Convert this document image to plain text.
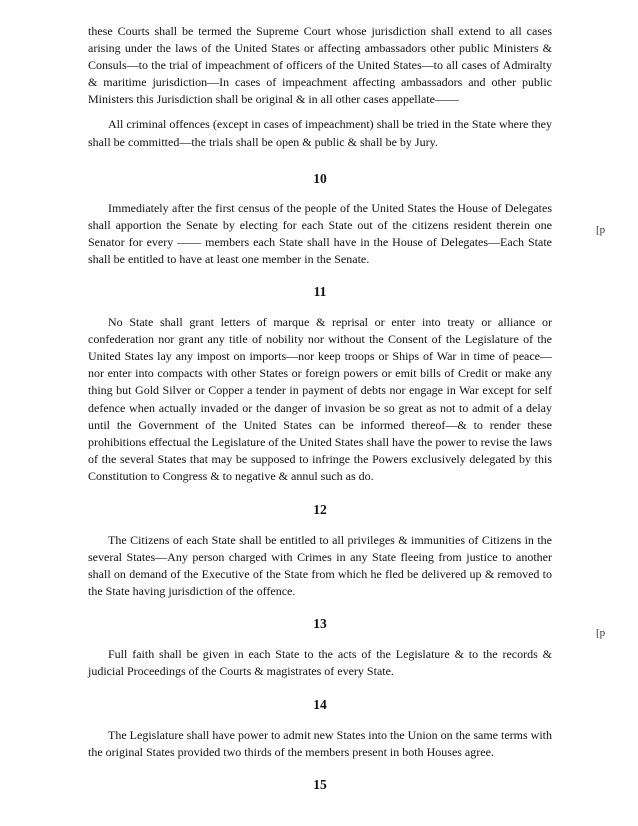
these Courts shall be termed the Supreme Court whose jurisdiction shall extend to all cases arising under the laws of the United States or affecting ambassadors other public Ministers & Consuls—to the trial of impeachment of officers of the United States—to all cases of Admiralty & maritime jurisdiction—In cases of impeachment affecting ambassadors and other public Ministers this Jurisdiction shall be original & in all other cases appellate——

All criminal offences (except in cases of impeachment) shall be tried in the State where they shall be committed—the trials shall be open & public & shall be by Jury.

10

Immediately after the first census of the people of the United States the House of Delegates shall apportion the Senate by electing for each State out of the citizens resident therein one Senator for every —— members each State shall have in the House of Delegates—Each State shall be entitled to have at least one member in the Senate.

11

No State shall grant letters of marque & reprisal or enter into treaty or alliance or confederation nor grant any title of nobility nor without the Consent of the Legislature of the United States lay any impost on imports—nor keep troops or Ships of War in time of peace—nor enter into compacts with other States or foreign powers or emit bills of Credit or make any thing but Gold Silver or Copper a tender in payment of debts nor engage in War except for self defence when actually invaded or the danger of invasion be so great as not to admit of a delay until the Government of the United States can be informed thereof—& to render these prohibitions effectual the Legislature of the United States shall have the power to revise the laws of the several States that may be supposed to infringe the Powers exclusively delegated by this Constitution to Congress & to negative & annul such as do.

12

The Citizens of each State shall be entitled to all privileges & immunities of Citizens in the several States—Any person charged with Crimes in any State fleeing from justice to another shall on demand of the Executive of the State from which he fled be delivered up & removed to the State having jurisdiction of the offence.

13

Full faith shall be given in each State to the acts of the Legislature & to the records & judicial Proceedings of the Courts & magistrates of every State.

14

The Legislature shall have power to admit new States into the Union on the same terms with the original States provided two thirds of the members present in both Houses agree.

15

[p
[p
